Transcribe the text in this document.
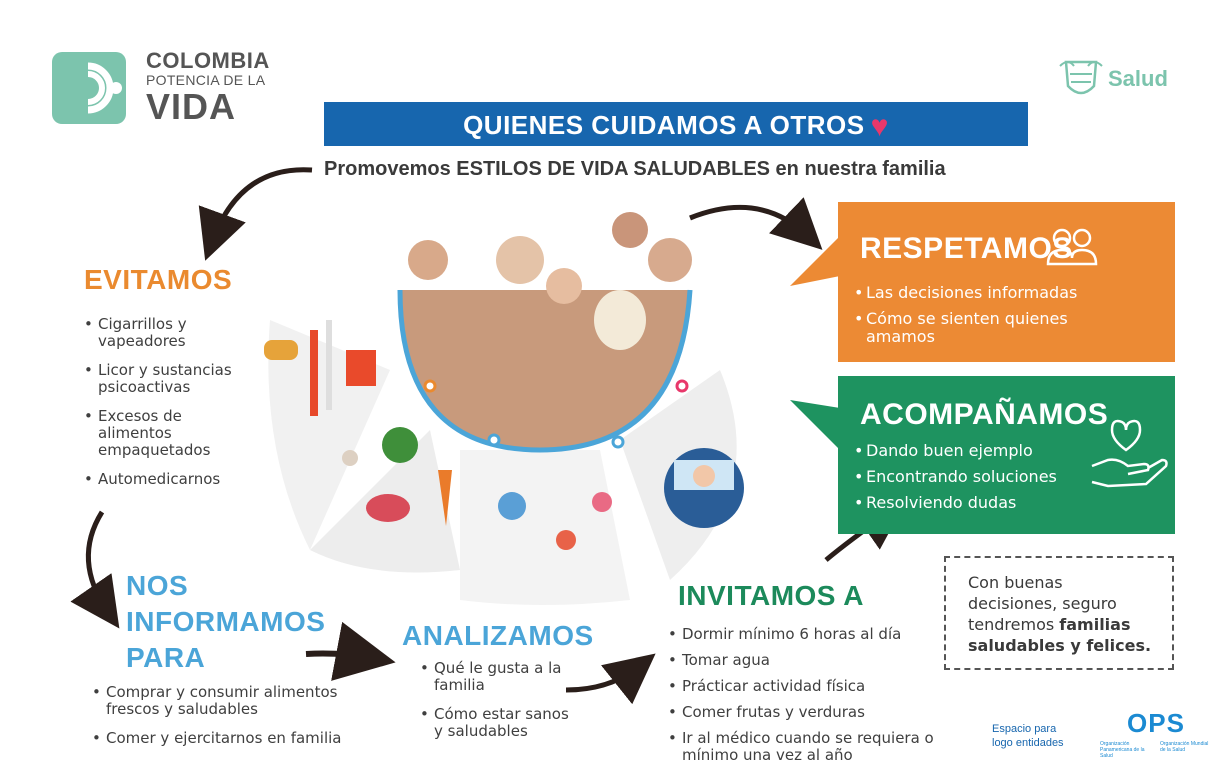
COLOMBIA
POTENCIA DE LA
VIDA
Salud
QUIENES CUIDAMOS A OTROS ♥
Promovemos ESTILOS DE VIDA SALUDABLES en nuestra familia
EVITAMOS
• Cigarrillos y vapeadores
• Licor y sustancias psicoactivas
• Excesos de alimentos empaquetados
• Automedicarnos
NOS
INFORMAMOS
PARA
• Comprar y consumir alimentos frescos y saludables
• Comer y ejercitarnos en familia
ANALIZAMOS
• Qué le gusta a la familia
• Cómo estar sanos y saludables
INVITAMOS A
• Dormir mínimo 6 horas al día
• Tomar agua
• Prácticar actividad física
• Comer frutas y verduras
• Ir al médico cuando se requiera o mínimo una vez al año
RESPETAMOS
• Las decisiones informadas
• Cómo se sienten quienes amamos
ACOMPAÑAMOS
• Dando buen ejemplo
• Encontrando soluciones
• Resolviendo dudas
Con buenas
decisiones, seguro
tendremos familias
saludables y felices.
Espacio para
logo entidades
OPS
Organización Panamericana de la Salud
Organización Mundial de la Salud
